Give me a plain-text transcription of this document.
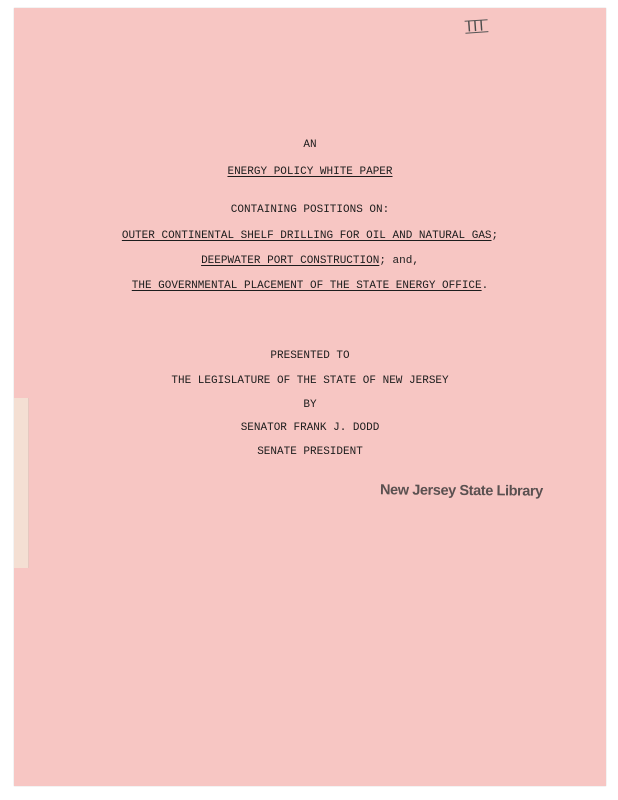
III
AN
ENERGY POLICY WHITE PAPER
CONTAINING POSITIONS ON:
OUTER CONTINENTAL SHELF DRILLING FOR OIL AND NATURAL GAS;
DEEPWATER PORT CONSTRUCTION; and,
THE GOVERNMENTAL PLACEMENT OF THE STATE ENERGY OFFICE.
PRESENTED TO
THE LEGISLATURE OF THE STATE OF NEW JERSEY
BY
SENATOR FRANK J. DODD
SENATE PRESIDENT
New Jersey State Library
